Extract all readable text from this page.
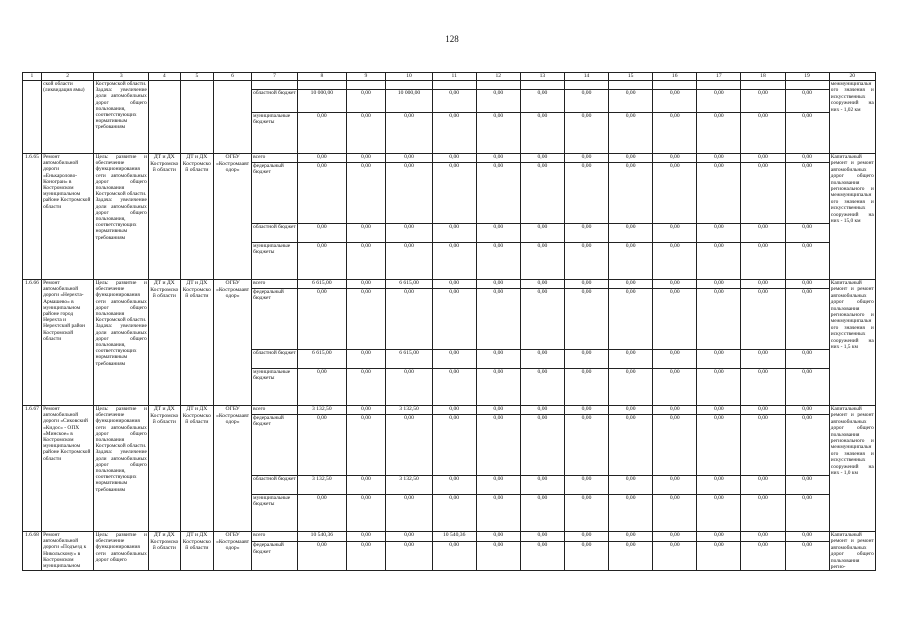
128
1	2	3	4	5	6	7	8	9	10	11	12	13	14	15	16	17	18	19	20
	ской области (ликвидация ямы)	Костромской области.
Задача: увеличение доли автомобильных дорог общего пользования, соответствующих нормативным требованиям																	межмуниципального значения и искусственных сооружений на них - 1,02 км
						областной бюджет	10 000,00	0,00	10 000,00	0,00	0,00	0,00	0,00	0,00	0,00	0,00	0,00	0,00	
						муниципальные бюджеты	0,00	0,00	0,00	0,00	0,00	0,00	0,00	0,00	0,00	0,00	0,00	0,00	
1.6.65	Ремонт автомобильной дороги «Енькаролово-Конограи» в Костромском муниципальном районе Костромской области	Цель: развитие и обеспечение функционирования сети автомобильных дорог общего пользования Костромской области.
Задача: увеличение доли автомобильных дорог общего пользования, соответствующих нормативным требованиям	ДТ и ДХ Костромской области	ДТ и ДХ Костромской области	ОГБУ «Костромаавтодор»	всего	0,00	0,00	0,00	0,00	0,00	0,00	0,00	0,00	0,00	0,00	0,00	0,00	Капитальный ремонт и ремонт автомобильных дорог общего пользования регионального и межмуниципального значения и искусственных сооружений на них - 15,0 км
						федеральный бюджет	0,00	0,00	0,00	0,00	0,00	0,00	0,00	0,00	0,00	0,00	0,00	0,00	
						областной бюджет	0,00	0,00	0,00	0,00	0,00	0,00	0,00	0,00	0,00	0,00	0,00	0,00	
						муниципальные бюджеты	0,00	0,00	0,00	0,00	0,00	0,00	0,00	0,00	0,00	0,00	0,00	0,00	
1.6.66	Ремонт автомобильной дороги «Нерехта-Армашево» в муниципальном районе город Нерехта и Нерехтский район Костромской области	Цель: развитие и обеспечение функционирования сети автомобильных дорог общего пользования Костромской области.
Задача: увеличение доли автомобильных дорог общего пользования, соответствующих нормативным требованиям	ДТ и ДХ Костромской области	ДТ и ДХ Костромской области	ОГБУ «Костромаавтодор»	всего	6 615,00	0,00	6 615,00	0,00	0,00	0,00	0,00	0,00	0,00	0,00	0,00	0,00	Капитальный ремонт и ремонт автомобильных дорог общего пользования регионального и межмуниципального значения и искусственных сооружений на них - 1,5 км
						федеральный бюджет	0,00	0,00	0,00	0,00	0,00	0,00	0,00	0,00	0,00	0,00	0,00	0,00	
						областной бюджет	6 615,00	0,00	6 615,00	0,00	0,00	0,00	0,00	0,00	0,00	0,00	0,00	0,00	
						муниципальные бюджеты	0,00	0,00	0,00	0,00	0,00	0,00	0,00	0,00	0,00	0,00	0,00	0,00	
1.6.67	Ремонт автомобильной дороги «Сиковский «Кидос» - ОПХ «Минское» в Костромском муниципальном районе Костромской области	Цель: развитие и обеспечение функционирования сети автомобильных дорог общего пользования Костромской области.
Задача: увеличение доли автомобильных дорог общего пользования, соответствующих нормативным требованиям	ДТ и ДХ Костромской области	ДТ и ДХ Костромской области	ОГБУ «Костромаавтодор»	всего	3 132,50	0,00	3 132,50	0,00	0,00	0,00	0,00	0,00	0,00	0,00	0,00	0,00	Капитальный ремонт и ремонт автомобильных дорог общего пользования регионального и межмуниципального значения и искусственных сооружений на них - 1,0 км
						федеральный бюджет	0,00	0,00	0,00	0,00	0,00	0,00	0,00	0,00	0,00	0,00	0,00	0,00	
						областной бюджет	3 132,50	0,00	3 132,50	0,00	0,00	0,00	0,00	0,00	0,00	0,00	0,00	0,00	
						муниципальные бюджеты	0,00	0,00	0,00	0,00	0,00	0,00	0,00	0,00	0,00	0,00	0,00	0,00	
1.6.68	Ремонт автомобильной дороги «Подъезд к Никольскому» в Костромском муниципальном	Цель: развитие и обеспечение функционирования сети автомобильных дорог общего	ДТ и ДХ Костромской области	ДТ и ДХ Костромской области	ОГБУ «Костромаавтодор»	всего	10 540,36	0,00	0,00	10 540,36	0,00	0,00	0,00	0,00	0,00	0,00	0,00	0,00	Капитальный ремонт и ремонт автомобильных дорог общего пользования регио-
						федеральный бюджет	0,00	0,00	0,00	0,00	0,00	0,00	0,00	0,00	0,00	0,00	0,00	0,00	
